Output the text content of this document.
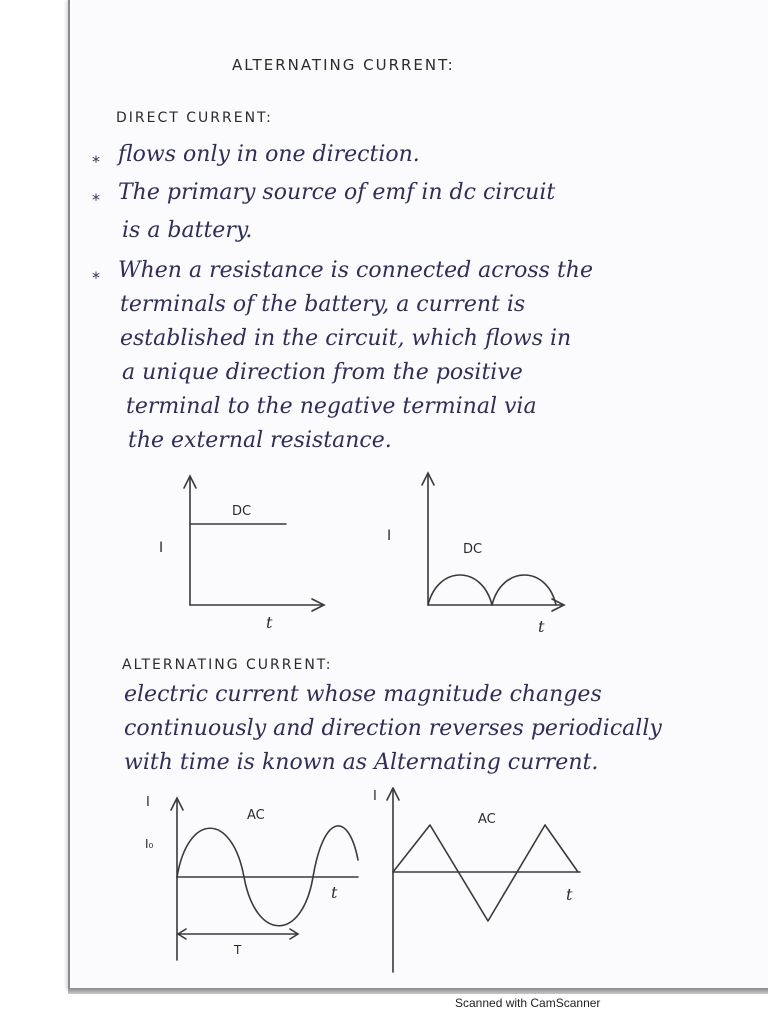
ALTERNATING CURRENT:
DIRECT CURRENT:
* flows only in one direction.
* The primary source of emf in dc circuit
is a battery.
* When a resistance is connected across the
terminals of the battery, a current is
established in the circuit, which flows in
a unique direction from the positive
terminal to the negative terminal via
the external resistance.
DC
I
t
I
DC
t
ALTERNATING CURRENT:
electric current whose magnitude changes
continuously and direction reverses periodically
with time is known as Alternating current.
I
AC
I₀
t
T
I
AC
t
Scanned with CamScanner
